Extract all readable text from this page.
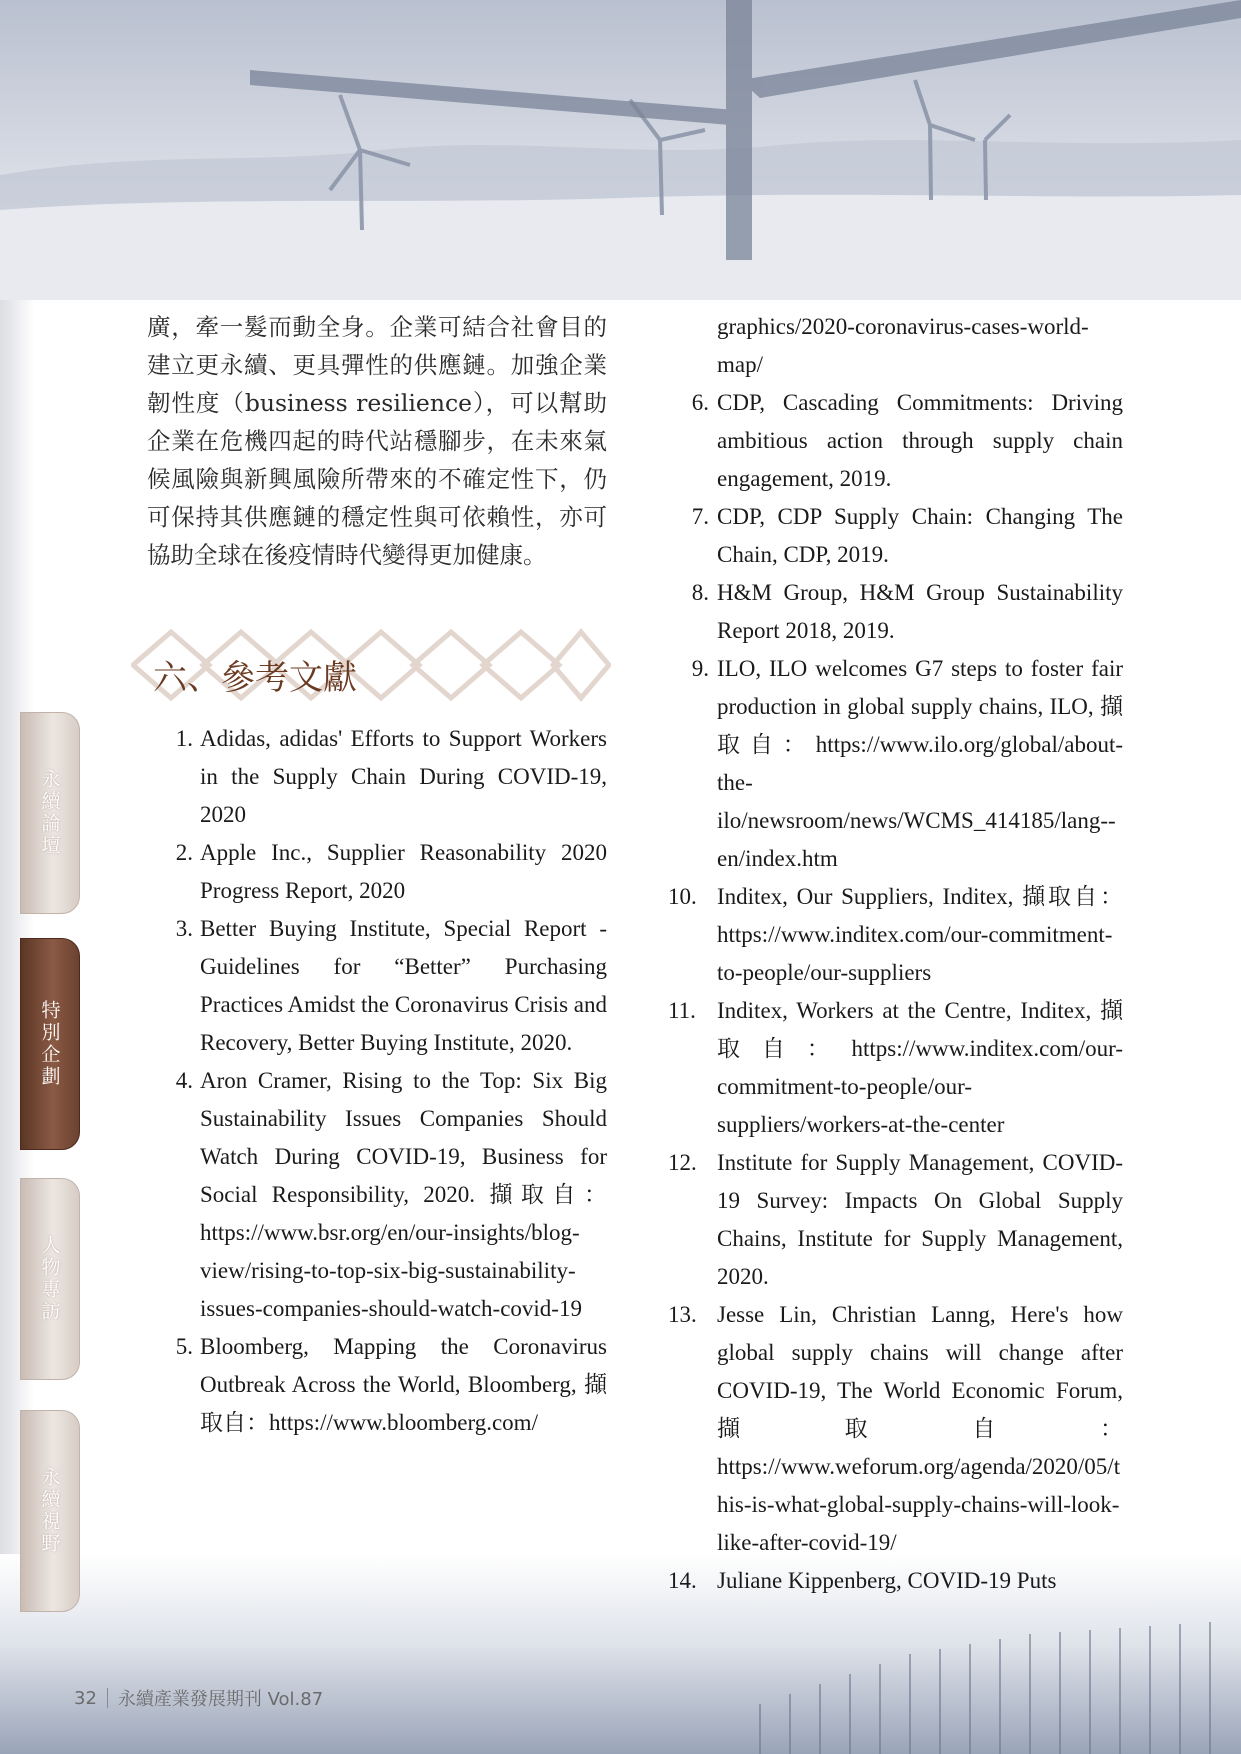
永續論壇
特別企劃
人物專訪
永續視野

廣，牽一髮而動全身。企業可結合社會目的建立更永續、更具彈性的供應鏈。加強企業韌性度（business resilience），可以幫助企業在危機四起的時代站穩腳步，在未來氣候風險與新興風險所帶來的不確定性下，仍可保持其供應鏈的穩定性與可依賴性，亦可協助全球在後疫情時代變得更加健康。

六、參考文獻
1. Adidas, adidas' Efforts to Support Workers in the Supply Chain During COVID-19, 2020
2. Apple Inc., Supplier Reasonability 2020 Progress Report, 2020
3. Better Buying Institute, Special Report - Guidelines for “Better” Purchasing Practices Amidst the Coronavirus Crisis and Recovery, Better Buying Institute, 2020.
4. Aron Cramer, Rising to the Top: Six Big Sustainability Issues Companies Should Watch During COVID-19, Business for Social Responsibility, 2020. 擷取自：https://www.bsr.org/en/our-insights/blog-view/rising-to-top-six-big-sustainability-issues-companies-should-watch-covid-19
5. Bloomberg, Mapping the Coronavirus Outbreak Across the World, Bloomberg, 擷取自：https://www.bloomberg.com/
graphics/2020-coronavirus-cases-world-map/
6. CDP, Cascading Commitments: Driving ambitious action through supply chain engagement, 2019.
7. CDP, CDP Supply Chain: Changing The Chain, CDP, 2019.
8. H&M Group, H&M Group Sustainability Report 2018, 2019.
9. ILO, ILO welcomes G7 steps to foster fair production in global supply chains, ILO, 擷取自：https://www.ilo.org/global/about-the-ilo/newsroom/news/WCMS_414185/lang--en/index.htm
10. Inditex, Our Suppliers, Inditex, 擷取自：https://www.inditex.com/our-commitment-to-people/our-suppliers
11. Inditex, Workers at the Centre, Inditex, 擷取自：https://www.inditex.com/our-commitment-to-people/our-suppliers/workers-at-the-center
12. Institute for Supply Management, COVID-19 Survey: Impacts On Global Supply Chains, Institute for Supply Management, 2020.
13. Jesse Lin, Christian Lanng, Here's how global supply chains will change after COVID-19, The World Economic Forum, 擷取自：https://www.weforum.org/agenda/2020/05/this-is-what-global-supply-chains-will-look-like-after-covid-19/
14. Juliane Kippenberg, COVID-19 Puts
32 永續產業發展期刊 Vol.87
